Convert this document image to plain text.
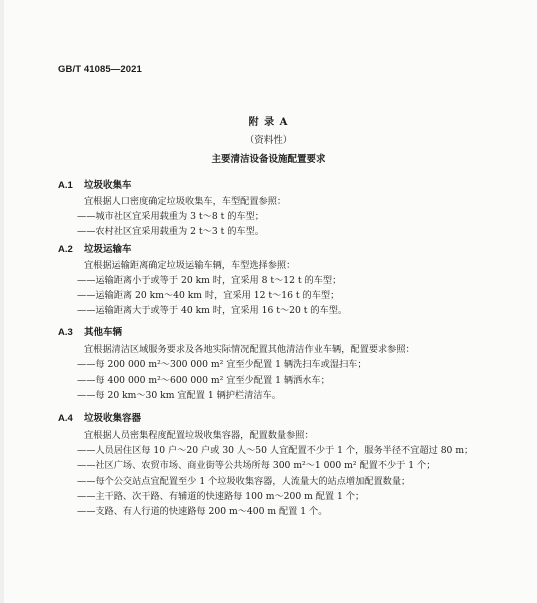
GB/T 41085—2021
附 录 A
（资料性）
主要清洁设备设施配置要求
A.1 垃圾收集车
宜根据人口密度确定垃圾收集车，车型配置参照：
——城市社区宜采用载重为 3 t～8 t 的车型；
——农村社区宜采用载重为 2 t～3 t 的车型。
A.2 垃圾运输车
宜根据运输距离确定垃圾运输车辆，车型选择参照：
——运输距离小于或等于 20 km 时，宜采用 8 t～12 t 的车型；
——运输距离 20 km～40 km 时，宜采用 12 t～16 t 的车型；
——运输距离大于或等于 40 km 时，宜采用 16 t～20 t 的车型。
A.3 其他车辆
宜根据清洁区域服务要求及各地实际情况配置其他清洁作业车辆，配置要求参照：
——每 200 000 m²～300 000 m² 宜至少配置 1 辆洗扫车或湿扫车；
——每 400 000 m²～600 000 m² 宜至少配置 1 辆洒水车；
——每 20 km～30 km 宜配置 1 辆护栏清洁车。
A.4 垃圾收集容器
宜根据人员密集程度配置垃圾收集容器，配置数量参照：
——人员居住区每 10 户～20 户或 30 人～50 人宜配置不少于 1 个，服务半径不宜超过 80 m；
——社区广场、农贸市场、商业街等公共场所每 300 m²～1 000 m² 配置不少于 1 个；
——每个公交站点宜配置至少 1 个垃圾收集容器，人流量大的站点增加配置数量；
——主干路、次干路、有辅道的快速路每 100 m～200 m 配置 1 个；
——支路、有人行道的快速路每 200 m～400 m 配置 1 个。
